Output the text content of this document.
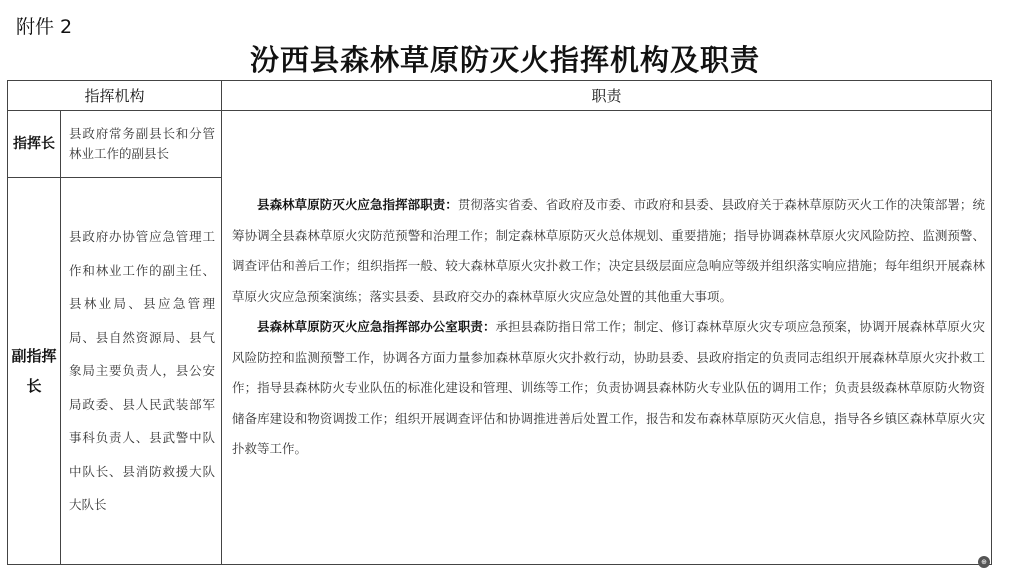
附件 2
汾西县森林草原防灭火指挥机构及职责
指挥机构		职责
指挥长	县政府常务副县长和分管林业工作的副县长	县森林草原防灭火应急指挥部职责：贯彻落实省委、省政府及市委、市政府和县委、县政府关于森林草原防灭火工作的决策部署；统筹协调全县森林草原火灾防范预警和治理工作；制定森林草原防灭火总体规划、重要措施；指导协调森林草原火灾风险防控、监测预警、调查评估和善后工作；组织指挥一般、较大森林草原火灾扑救工作；决定县级层面应急响应等级并组织落实响应措施；每年组织开展森林草原火灾应急预案演练；落实县委、县政府交办的森林草原火灾应急处置的其他重大事项。

县森林草原防灭火应急指挥部办公室职责：承担县森防指日常工作；制定、修订森林草原火灾专项应急预案，协调开展森林草原火灾风险防控和监测预警工作，协调各方面力量参加森林草原火灾扑救行动，协助县委、县政府指定的负责同志组织开展森林草原火灾扑救工作；指导县森林防火专业队伍的标准化建设和管理、训练等工作；负责协调县森林防火专业队伍的调用工作；负责县级森林草原防火物资储备库建设和物资调拨工作；组织开展调查评估和协调推进善后处置工作，报告和发布森林草原防灭火信息，指导各乡镇区森林草原火灾扑救等工作。

副指挥长	县政府办协管应急管理工作和林业工作的副主任、县林业局、县应急管理局、县自然资源局、县气象局主要负责人，县公安局政委、县人民武装部军事科负责人、县武警中队中队长、县消防救援大队大队长	
⊕
